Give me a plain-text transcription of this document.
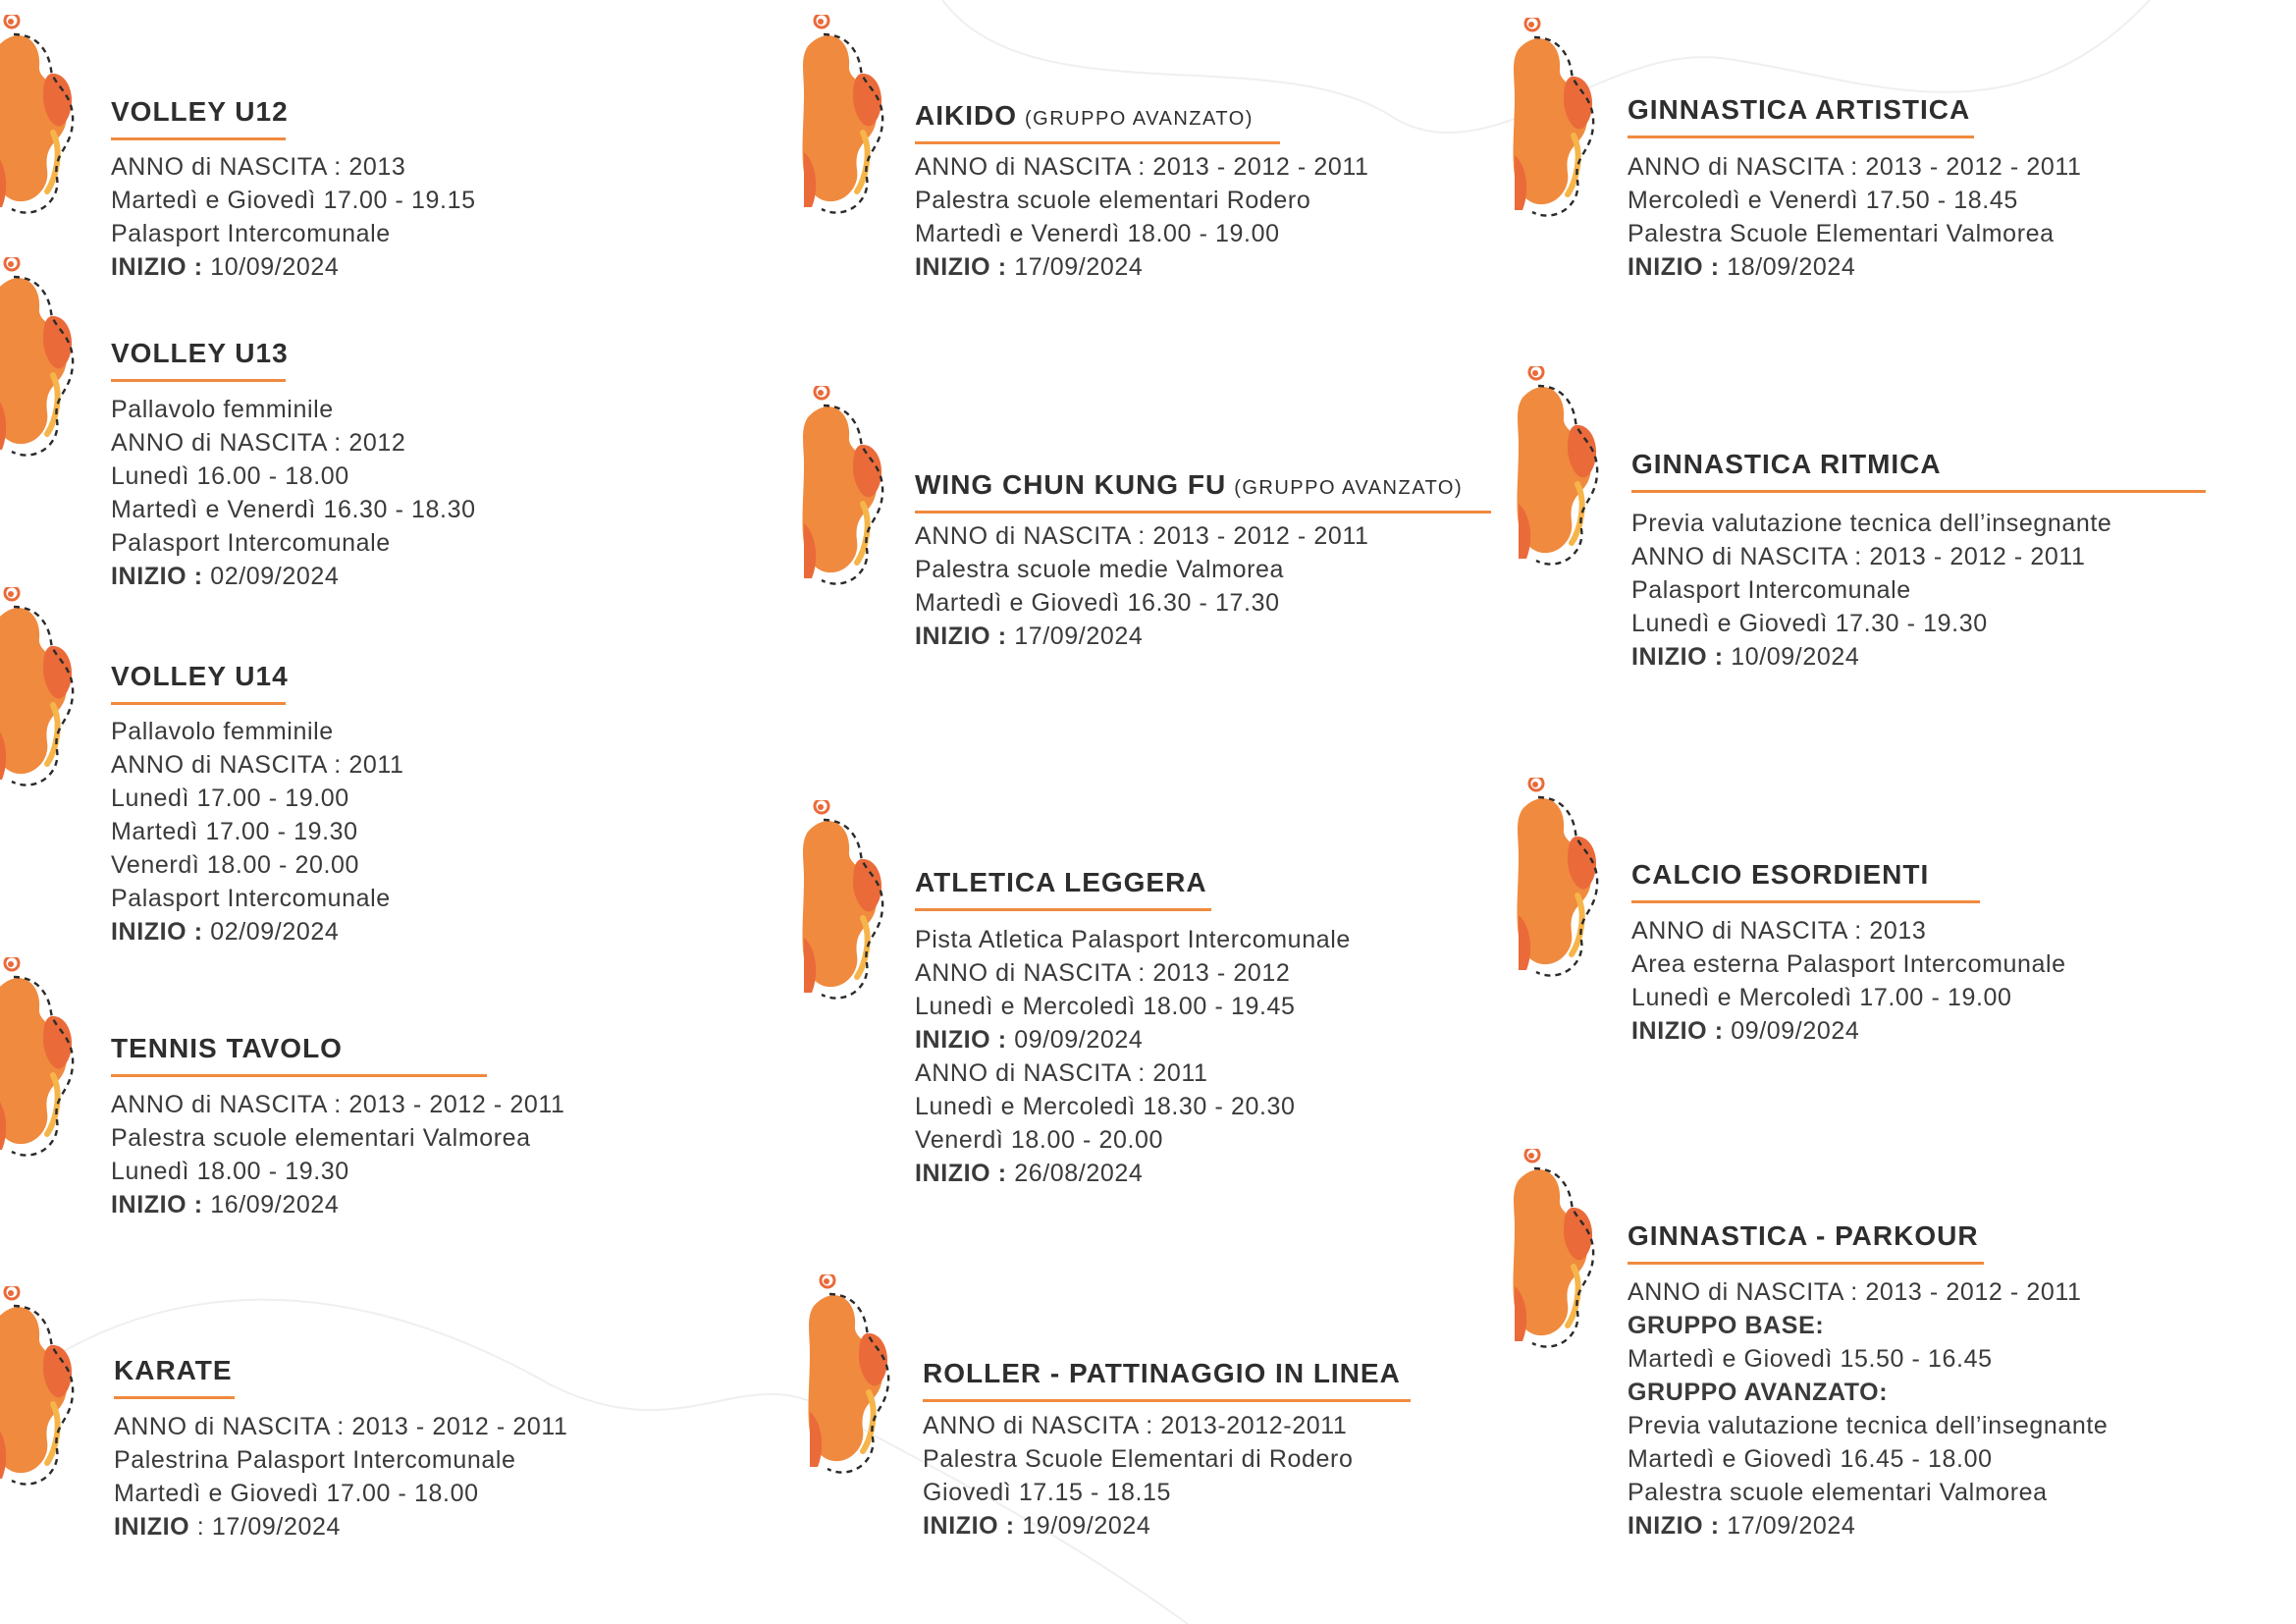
VOLLEY U12
ANNO di NASCITA : 2013
Martedì e Giovedì 17.00 - 19.15
Palasport Intercomunale
INIZIO : 10/09/2024
VOLLEY U13
Pallavolo femminile
ANNO di NASCITA : 2012
Lunedì 16.00 - 18.00
Martedì e Venerdì 16.30 - 18.30
Palasport Intercomunale
INIZIO : 02/09/2024
VOLLEY U14
Pallavolo femminile
ANNO di NASCITA : 2011
Lunedì 17.00 - 19.00
Martedì 17.00 - 19.30
Venerdì 18.00 - 20.00
Palasport Intercomunale
INIZIO : 02/09/2024
TENNIS TAVOLO
ANNO di NASCITA : 2013 - 2012 - 2011
Palestra scuole elementari Valmorea
Lunedì 18.00 - 19.30
INIZIO : 16/09/2024
KARATE
ANNO di NASCITA : 2013 - 2012 - 2011
Palestrina Palasport Intercomunale
Martedì e Giovedì 17.00 - 18.00
INIZIO : 17/09/2024
AIKIDO (GRUPPO AVANZATO)
ANNO di NASCITA : 2013 - 2012 - 2011
Palestra scuole elementari Rodero
Martedì e Venerdì 18.00 - 19.00
INIZIO : 17/09/2024
WING CHUN KUNG FU (GRUPPO AVANZATO)
ANNO di NASCITA : 2013 - 2012 - 2011
Palestra scuole medie Valmorea
Martedì e Giovedì 16.30 - 17.30
INIZIO : 17/09/2024
ATLETICA LEGGERA
Pista Atletica Palasport Intercomunale
ANNO di NASCITA : 2013 - 2012
Lunedì e Mercoledì 18.00 - 19.45
INIZIO : 09/09/2024
ANNO di NASCITA : 2011
Lunedì e Mercoledì 18.30 - 20.30
Venerdì 18.00 - 20.00
INIZIO : 26/08/2024
ROLLER - PATTINAGGIO IN LINEA
ANNO di NASCITA : 2013-2012-2011
Palestra Scuole Elementari di Rodero
Giovedì 17.15 - 18.15
INIZIO : 19/09/2024
GINNASTICA ARTISTICA
ANNO di NASCITA : 2013 - 2012 - 2011
Mercoledì e Venerdì 17.50 - 18.45
Palestra Scuole Elementari Valmorea
INIZIO : 18/09/2024
GINNASTICA RITMICA
Previa valutazione tecnica dell’insegnante
ANNO di NASCITA : 2013 - 2012 - 2011
Palasport Intercomunale
Lunedì e Giovedì 17.30 - 19.30
INIZIO : 10/09/2024
CALCIO ESORDIENTI
ANNO di NASCITA : 2013
Area esterna Palasport Intercomunale
Lunedì e Mercoledì 17.00 - 19.00
INIZIO : 09/09/2024
GINNASTICA - PARKOUR
ANNO di NASCITA : 2013 - 2012 - 2011
GRUPPO BASE:
Martedì e Giovedì 15.50 - 16.45
GRUPPO AVANZATO:
Previa valutazione tecnica dell’insegnante
Martedì e Giovedì 16.45 - 18.00
Palestra scuole elementari Valmorea
INIZIO : 17/09/2024
